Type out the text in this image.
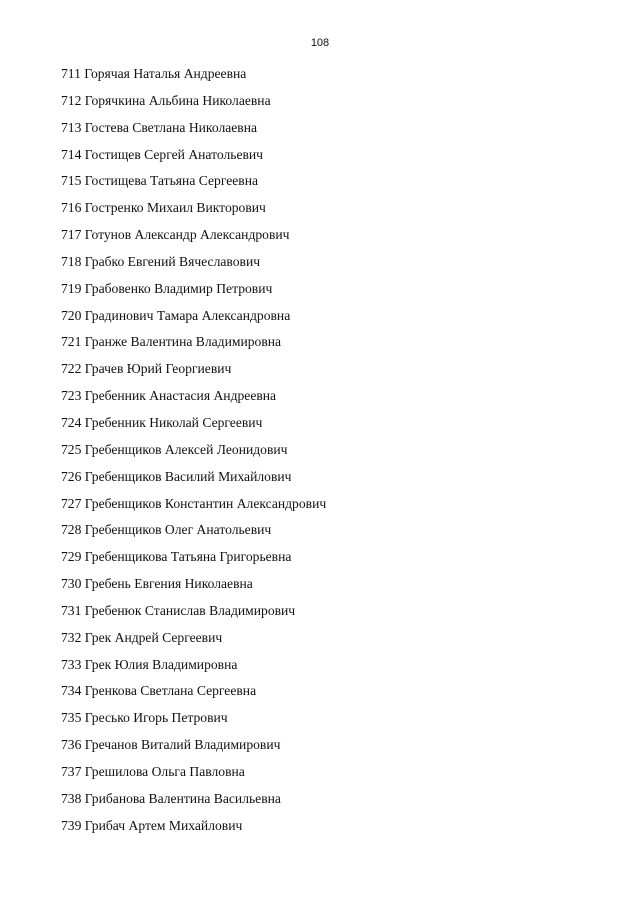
108
711 Горячая Наталья Андреевна
712 Горячкина Альбина Николаевна
713 Гостева Светлана Николаевна
714 Гостищев Сергей Анатольевич
715 Гостищева Татьяна Сергеевна
716 Гостренко Михаил Викторович
717 Готунов Александр Александрович
718 Грабко Евгений Вячеславович
719 Грабовенко Владимир Петрович
720 Градинович Тамара Александровна
721 Гранже Валентина Владимировна
722 Грачев Юрий Георгиевич
723 Гребенник Анастасия Андреевна
724 Гребенник Николай Сергеевич
725 Гребенщиков Алексей Леонидович
726 Гребенщиков Василий Михайлович
727 Гребенщиков Константин Александрович
728 Гребенщиков Олег Анатольевич
729 Гребенщикова Татьяна Григорьевна
730 Гребень Евгения Николаевна
731 Гребенюк Станислав Владимирович
732 Грек Андрей Сергеевич
733 Грек Юлия Владимировна
734 Гренкова Светлана Сергеевна
735 Гресько Игорь Петрович
736 Гречанов Виталий Владимирович
737 Грешилова Ольга Павловна
738 Грибанова Валентина Васильевна
739 Грибач Артем Михайлович
